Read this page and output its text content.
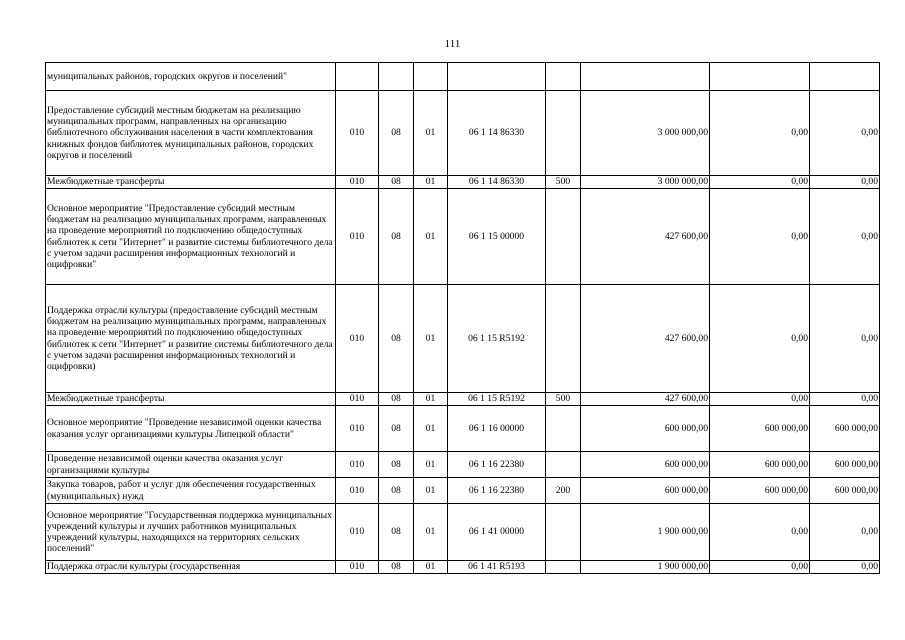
111
муниципальных районов, городских округов и поселений"								
Предоставление субсидий местным бюджетам на реализацию муниципальных программ, направленных на организацию библиотечного обслуживания населения в части комплектования книжных фондов библиотек муниципальных районов, городских округов и поселений	010	08	01	06 1 14 86330		3 000 000,00	0,00	0,00
Межбюджетные трансферты	010	08	01	06 1 14 86330	500	3 000 000,00	0,00	0,00
Основное мероприятие "Предоставление субсидий местным бюджетам на реализацию муниципальных программ, направленных на проведение мероприятий по подключению общедоступных библиотек к сети "Интернет" и развитие системы библиотечного дела с учетом задачи расширения информационных технологий и оцифровки"	010	08	01	06 1 15 00000		427 600,00	0,00	0,00
Поддержка отрасли культуры (предоставление субсидий местным бюджетам на реализацию муниципальных программ, направленных на проведение мероприятий по подключению общедоступных библиотек к сети "Интернет" и развитие системы библиотечного дела с учетом задачи расширения информационных технологий и оцифровки)	010	08	01	06 1 15 R5192		427 600,00	0,00	0,00
Межбюджетные трансферты	010	08	01	06 1 15 R5192	500	427 600,00	0,00	0,00
Основное мероприятие "Проведение независимой оценки качества оказания услуг организациями культуры Липецкой области"	010	08	01	06 1 16 00000		600 000,00	600 000,00	600 000,00
Проведение независимой оценки качества оказания услуг организациями культуры	010	08	01	06 1 16 22380		600 000,00	600 000,00	600 000,00
Закупка товаров, работ и услуг для обеспечения государственных (муниципальных) нужд	010	08	01	06 1 16 22380	200	600 000,00	600 000,00	600 000,00
Основное мероприятие "Государственная поддержка муниципальных учреждений культуры и лучших работников муниципальных учреждений культуры, находящихся на территориях сельских поселений"	010	08	01	06 1 41 00000		1 900 000,00	0,00	0,00
Поддержка отрасли культуры (государственная	010	08	01	06 1 41 R5193		1 900 000,00	0,00	0,00
